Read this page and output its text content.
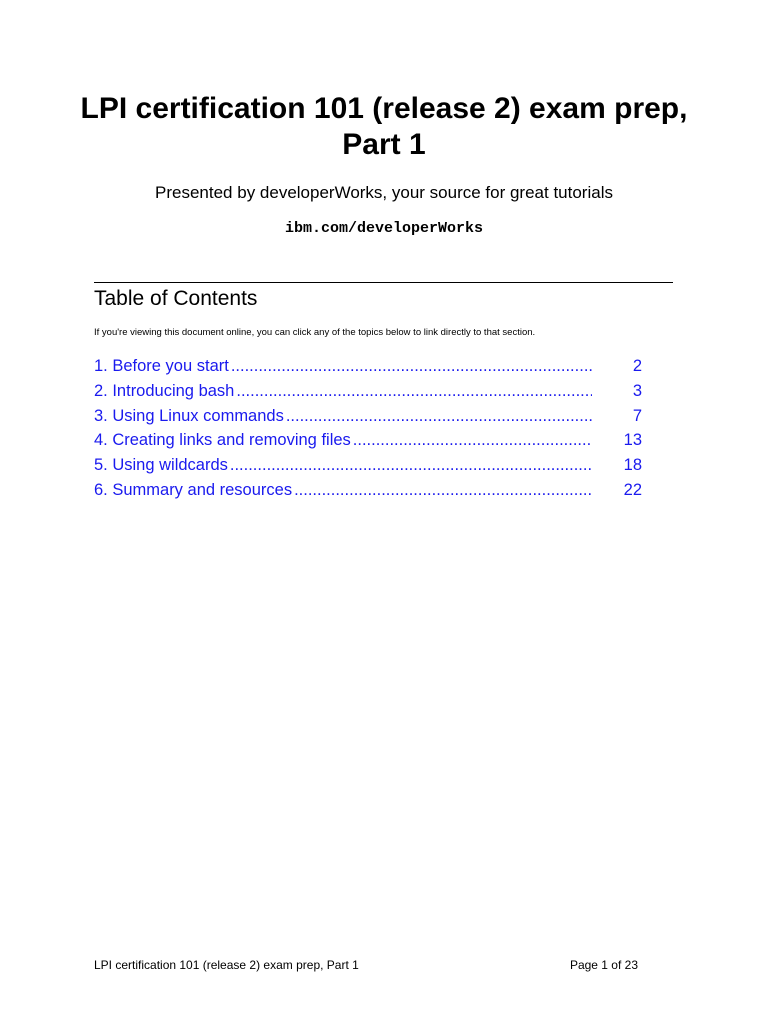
LPI certification 101 (release 2) exam prep, Part 1

Presented by developerWorks, your source for great tutorials

ibm.com/developerWorks

Table of Contents

If you're viewing this document online, you can click any of the topics below to link directly to that section.

1. Before you start .....	2
2. Introducing bash .....	3
3. Using Linux commands .....	7
4. Creating links and removing files .....	13
5. Using wildcards .....	18
6. Summary and resources .....	22

LPI certification 101 (release 2) exam prep, Part 1	Page 1 of 23
